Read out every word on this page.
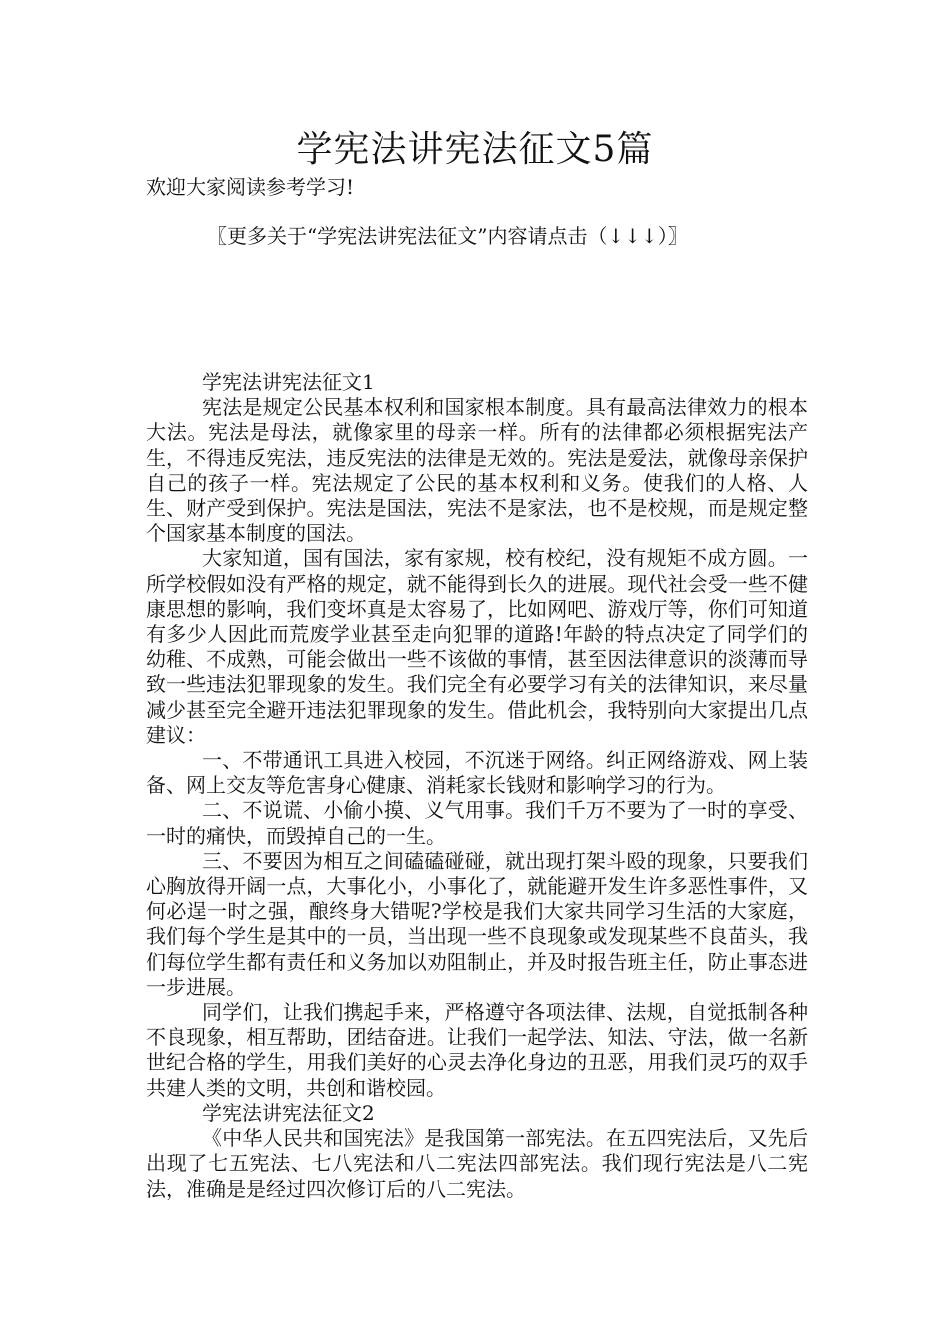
学宪法讲宪法征文5篇

欢迎大家阅读参考学习!

〖更多关于“学宪法讲宪法征文”内容请点击（↓↓↓）〗

学宪法讲宪法征文1

宪法是规定公民基本权利和国家根本制度。具有最高法律效力的根本大法。宪法是母法，就像家里的母亲一样。所有的法律都必须根据宪法产生，不得违反宪法，违反宪法的法律是无效的。宪法是爱法，就像母亲保护自己的孩子一样。宪法规定了公民的基本权利和义务。使我们的人格、人生、财产受到保护。宪法是国法，宪法不是家法，也不是校规，而是规定整个国家基本制度的国法。

大家知道，国有国法，家有家规，校有校纪，没有规矩不成方圆。一所学校假如没有严格的规定，就不能得到长久的进展。现代社会受一些不健康思想的影响，我们变坏真是太容易了，比如网吧、游戏厅等，你们可知道有多少人因此而荒废学业甚至走向犯罪的道路!年龄的特点决定了同学们的幼稚、不成熟，可能会做出一些不该做的事情，甚至因法律意识的淡薄而导致一些违法犯罪现象的发生。我们完全有必要学习有关的法律知识，来尽量减少甚至完全避开违法犯罪现象的发生。借此机会，我特别向大家提出几点建议：

一、不带通讯工具进入校园，不沉迷于网络。纠正网络游戏、网上装备、网上交友等危害身心健康、消耗家长钱财和影响学习的行为。

二、不说谎、小偷小摸、义气用事。我们千万不要为了一时的享受、一时的痛快，而毁掉自己的一生。

三、不要因为相互之间磕磕碰碰，就出现打架斗殴的现象，只要我们心胸放得开阔一点，大事化小，小事化了，就能避开发生许多恶性事件，又何必逞一时之强，酿终身大错呢?学校是我们大家共同学习生活的大家庭，我们每个学生是其中的一员，当出现一些不良现象或发现某些不良苗头，我们每位学生都有责任和义务加以劝阻制止，并及时报告班主任，防止事态进一步进展。

同学们，让我们携起手来，严格遵守各项法律、法规，自觉抵制各种不良现象，相互帮助，团结奋进。让我们一起学法、知法、守法，做一名新世纪合格的学生，用我们美好的心灵去净化身边的丑恶，用我们灵巧的双手共建人类的文明，共创和谐校园。

学宪法讲宪法征文2

《中华人民共和国宪法》是我国第一部宪法。在五四宪法后，又先后出现了七五宪法、七八宪法和八二宪法四部宪法。我们现行宪法是八二宪法，准确是是经过四次修订后的八二宪法。
